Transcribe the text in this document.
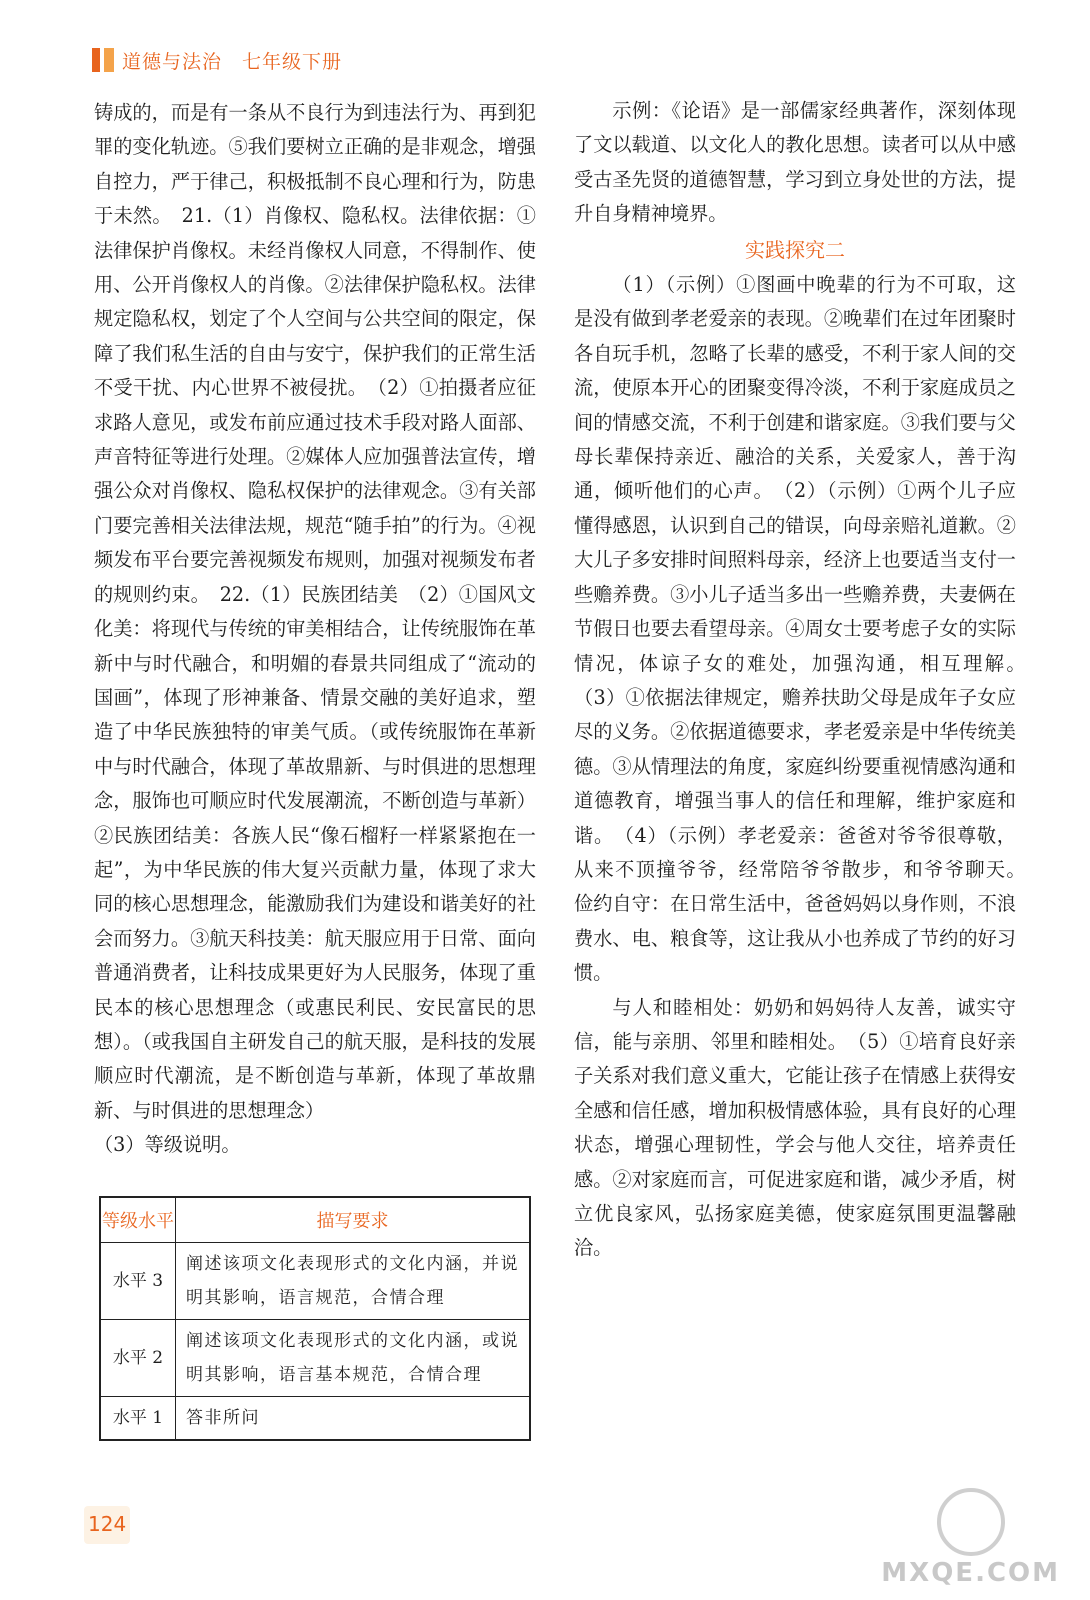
道德与法治 七年级下册

铸成的，而是有一条从不良行为到违法行为、再到犯罪的变化轨迹。⑤我们要树立正确的是非观念，增强自控力，严于律己，积极抵制不良心理和行为，防患于未然。　21.（1）肖像权、隐私权。法律依据：①法律保护肖像权。未经肖像权人同意，不得制作、使用、公开肖像权人的肖像。②法律保护隐私权。法律规定隐私权，划定了个人空间与公共空间的限定，保障了我们私生活的自由与安宁，保护我们的正常生活不受干扰、内心世界不被侵扰。　（2）①拍摄者应征求路人意见，或发布前应通过技术手段对路人面部、声音特征等进行处理。②媒体人应加强普法宣传，增强公众对肖像权、隐私权保护的法律观念。③有关部门要完善相关法律法规，规范“随手拍”的行为。④视频发布平台要完善视频发布规则，加强对视频发布者的规则约束。　22.（1）民族团结美　（2）①国风文化美：将现代与传统的审美相结合，让传统服饰在革新中与时代融合，和明媚的春景共同组成了“流动的国画”，体现了形神兼备、情景交融的美好追求，塑造了中华民族独特的审美气质。（或传统服饰在革新中与时代融合，体现了革故鼎新、与时俱进的思想理念，服饰也可顺应时代发展潮流，不断创造与革新）②民族团结美：各族人民“像石榴籽一样紧紧抱在一起”，为中华民族的伟大复兴贡献力量，体现了求大同的核心思想理念，能激励我们为建设和谐美好的社会而努力。③航天科技美：航天服应用于日常、面向普通消费者，让科技成果更好为人民服务，体现了重民本的核心思想理念（或惠民利民、安民富民的思想）。（或我国自主研发自己的航天服，是科技的发展顺应时代潮流，是不断创造与革新，体现了革故鼎新、与时俱进的思想理念）

（3）等级说明。

等级水平	描写要求
水平 3	阐述该项文化表现形式的文化内涵，并说明其影响，语言规范，合情合理
水平 2	阐述该项文化表现形式的文化内涵，或说明其影响，语言基本规范，合情合理
水平 1	答非所问

示例：《论语》是一部儒家经典著作，深刻体现了文以载道、以文化人的教化思想。读者可以从中感受古圣先贤的道德智慧，学习到立身处世的方法，提升自身精神境界。

实践探究二

（1）（示例）①图画中晚辈的行为不可取，这是没有做到孝老爱亲的表现。②晚辈们在过年团聚时各自玩手机，忽略了长辈的感受，不利于家人间的交流，使原本开心的团聚变得冷淡，不利于家庭成员之间的情感交流，不利于创建和谐家庭。③我们要与父母长辈保持亲近、融洽的关系，关爱家人，善于沟通，倾听他们的心声。　（2）（示例）①两个儿子应懂得感恩，认识到自己的错误，向母亲赔礼道歉。②大儿子多安排时间照料母亲，经济上也要适当支付一些赡养费。③小儿子适当多出一些赡养费，夫妻俩在节假日也要去看望母亲。④周女士要考虑子女的实际情况，体谅子女的难处，加强沟通，相互理解。　（3）①依据法律规定，赡养扶助父母是成年子女应尽的义务。②依据道德要求，孝老爱亲是中华传统美德。③从情理法的角度，家庭纠纷要重视情感沟通和道德教育，增强当事人的信任和理解，维护家庭和谐。　（4）（示例）孝老爱亲：爸爸对爷爷很尊敬，从来不顶撞爷爷，经常陪爷爷散步，和爷爷聊天。　俭约自守：在日常生活中，爸爸妈妈以身作则，不浪费水、电、粮食等，这让我从小也养成了节约的好习惯。

与人和睦相处：奶奶和妈妈待人友善，诚实守信，能与亲朋、邻里和睦相处。　（5）①培育良好亲子关系对我们意义重大，它能让孩子在情感上获得安全感和信任感，增加积极情感体验，具有良好的心理状态，增强心理韧性，学会与他人交往，培养责任感。②对家庭而言，可促进家庭和谐，减少矛盾，树立优良家风，弘扬家庭美德，使家庭氛围更温馨融洽。

124
MXQE.COM
